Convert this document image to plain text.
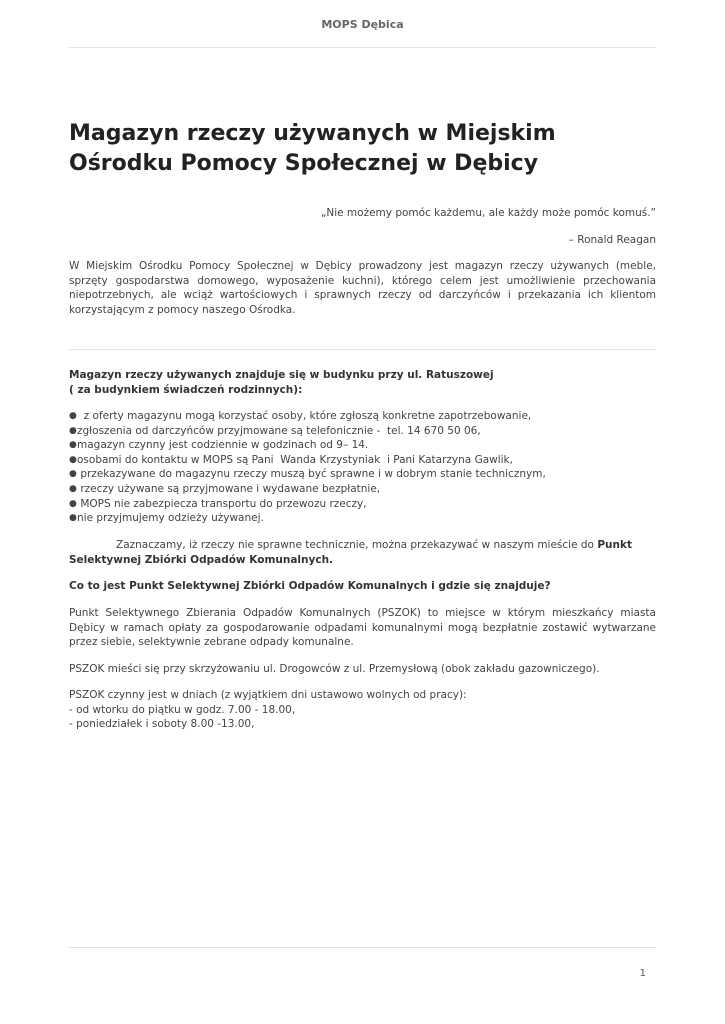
MOPS Dębica
Magazyn rzeczy używanych w Miejskim Ośrodku Pomocy Społecznej w Dębicy
„Nie możemy pomóc każdemu, ale każdy może pomóc komuś.”
– Ronald Reagan

W Miejskim Ośrodku Pomocy Społecznej w Dębicy prowadzony jest magazyn rzeczy używanych (meble, sprzęty gospodarstwa domowego, wyposażenie kuchni), którego celem jest umożliwienie przechowania niepotrzebnych, ale wciąż wartościowych i sprawnych rzeczy od darczyńców i przekazania ich klientom korzystającym z pomocy naszego Ośrodka.

Magazyn rzeczy używanych znajduje się w budynku przy ul. Ratuszowej
( za budynkiem świadczeń rodzinnych):

● z oferty magazynu mogą korzystać osoby, które zgłoszą konkretne zapotrzebowanie,
● zgłoszenia od darczyńców przyjmowane są telefonicznie -  tel. 14 670 50 06,
● magazyn czynny jest codziennie w godzinach od 9– 14.
● osobami do kontaktu w MOPS są Pani  Wanda Krzystyniak  i Pani Katarzyna Gawlik,
● przekazywane do magazynu rzeczy muszą być sprawne i w dobrym stanie technicznym,
● rzeczy używane są przyjmowane i wydawane bezpłatnie,
● MOPS nie zabezpiecza transportu do przewozu rzeczy,
● nie przyjmujemy odzieży używanej.

Zaznaczamy, iż rzeczy nie sprawne technicznie, można przekazywać w naszym mieście do Punkt Selektywnej Zbiórki Odpadów Komunalnych.

Co to jest Punkt Selektywnej Zbiórki Odpadów Komunalnych i gdzie się znajduje?

Punkt Selektywnego Zbierania Odpadów Komunalnych (PSZOK) to miejsce w którym mieszkańcy miasta Dębicy w ramach opłaty za gospodarowanie odpadami komunalnymi mogą bezpłatnie zostawić wytwarzane przez siebie, selektywnie zebrane odpady komunalne.

PSZOK mieści się przy skrzyżowaniu ul. Drogowców z ul. Przemysłową (obok zakładu gazowniczego).

PSZOK czynny jest w dniach (z wyjątkiem dni ustawowo wolnych od pracy):
- od wtorku do piątku w godz. 7.00 - 18.00,
- poniedziałek i soboty 8.00 -13.00,

1
